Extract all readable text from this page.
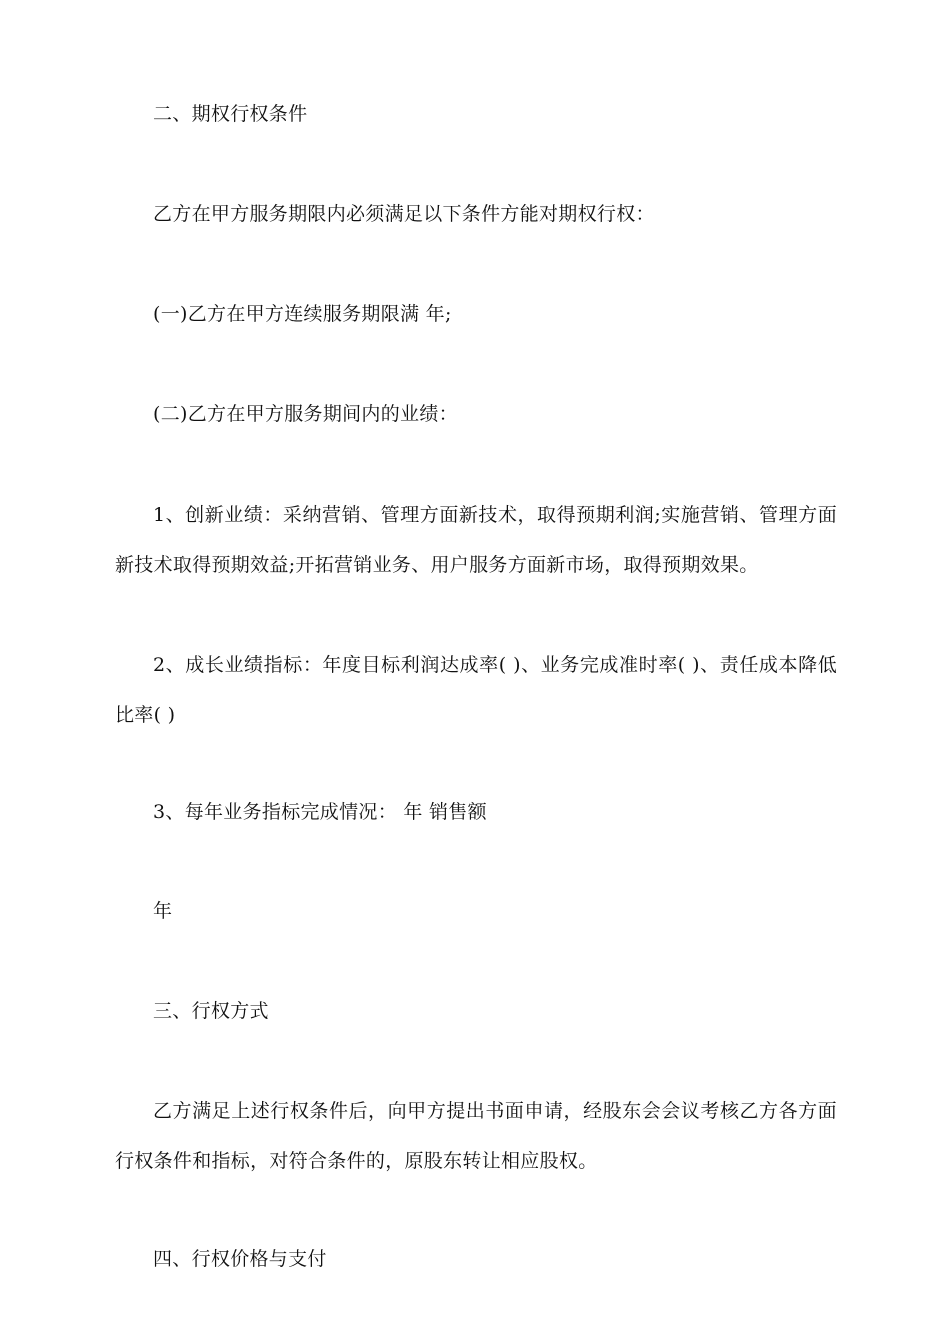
二、期权行权条件

乙方在甲方服务期限内必须满足以下条件方能对期权行权：

(一)乙方在甲方连续服务期限满 年;

(二)乙方在甲方服务期间内的业绩：

1、创新业绩：采纳营销、管理方面新技术，取得预期利润;实施营销、管理方面新技术取得预期效益;开拓营销业务、用户服务方面新市场，取得预期效果。

2、成长业绩指标：年度目标利润达成率( )、业务完成准时率( )、责任成本降低比率( )

3、每年业务指标完成情况： 年 销售额

年

三、行权方式

乙方满足上述行权条件后，向甲方提出书面申请，经股东会会议考核乙方各方面行权条件和指标，对符合条件的，原股东转让相应股权。

四、行权价格与支付
